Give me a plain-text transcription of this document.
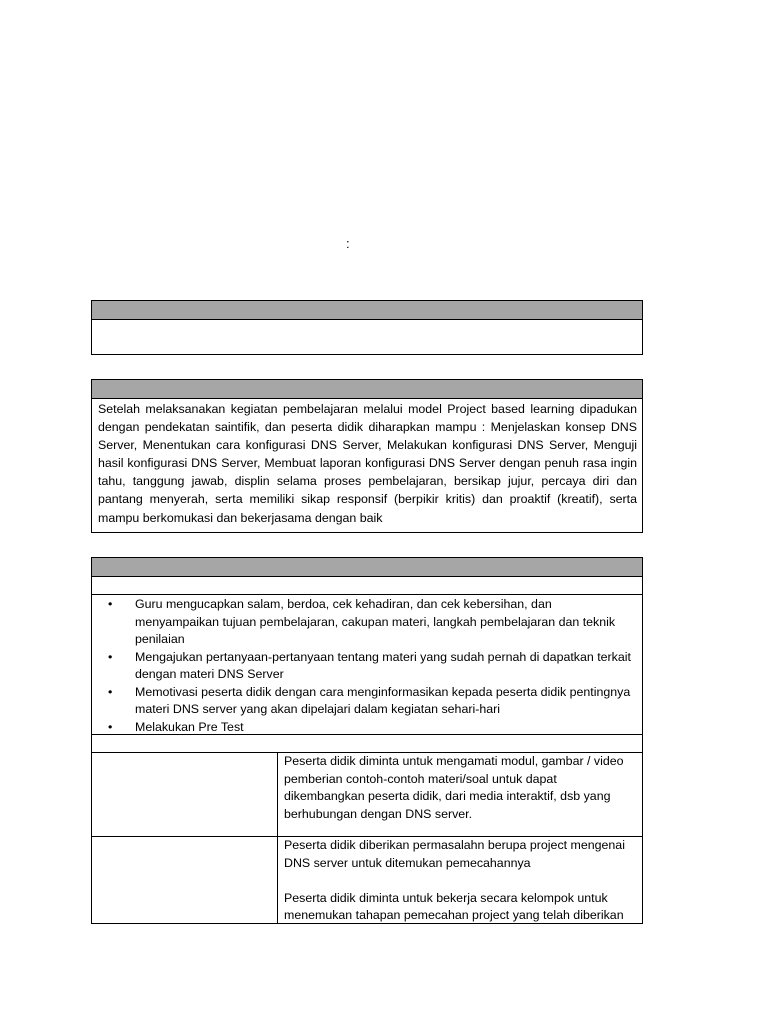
:
Setelah melaksanakan kegiatan pembelajaran melalui model Project based learning dipadukan dengan pendekatan saintifik, dan peserta didik diharapkan mampu : Menjelaskan konsep DNS Server, Menentukan cara konfigurasi DNS Server, Melakukan konfigurasi DNS Server, Menguji hasil konfigurasi DNS Server, Membuat laporan konfigurasi DNS Server dengan penuh rasa ingin tahu, tanggung jawab, displin selama proses pembelajaran, bersikap jujur, percaya diri dan pantang menyerah, serta memiliki sikap responsif (berpikir kritis) dan proaktif (kreatif), serta mampu berkomukasi dan bekerjasama dengan baik
• Guru mengucapkan salam, berdoa, cek kehadiran, dan cek kebersihan, dan menyampaikan tujuan pembelajaran, cakupan materi, langkah pembelajaran dan teknik penilaian
• Mengajukan pertanyaan-pertanyaan tentang materi yang sudah pernah di dapatkan terkait dengan materi DNS Server
• Memotivasi peserta didik dengan cara menginformasikan kepada peserta didik pentingnya materi DNS server yang akan dipelajari dalam kegiatan sehari-hari
• Melakukan Pre Test
Peserta didik diminta untuk mengamati modul, gambar / video pemberian contoh-contoh materi/soal untuk dapat dikembangkan peserta didik, dari media interaktif, dsb yang berhubungan dengan DNS server.
Peserta didik diberikan permasalahn berupa project mengenai DNS server untuk ditemukan pemecahannya
Peserta didik diminta untuk bekerja secara kelompok untuk menemukan tahapan pemecahan project yang telah diberikan
